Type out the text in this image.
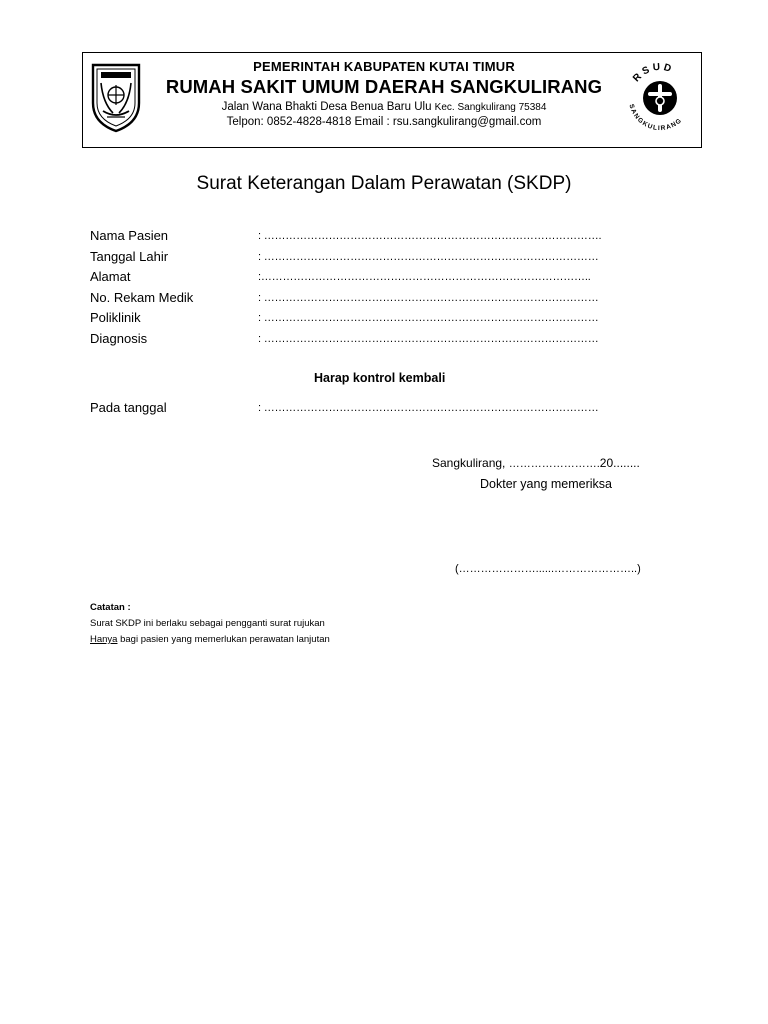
PEMERINTAH KABUPATEN KUTAI TIMUR
RUMAH SAKIT UMUM DAERAH SANGKULIRANG
Jalan Wana Bhakti Desa Benua Baru Ulu Kec. Sangkulirang 75384
Telpon: 0852-4828-4818 Email : rsu.sangkulirang@gmail.com
RSUD
SANGKULIRANG
Surat Keterangan Dalam Perawatan (SKDP)
Nama Pasien	: ………………………………………………………………………………….
Tanggal Lahir	: …………………………………………………………………………………
Alamat	:………………………………………………………………………………..
No. Rekam Medik	: …………………………………………………………………………………
Poliklinik	: …………………………………………………………………………………
Diagnosis	: …………………………………………………………………………………
Harap kontrol kembali
Pada tanggal	: …………………………………………………………………………………
Sangkulirang, …………………….20........
Dokter yang memeriksa
(…………………......…………………..)
Catatan :
Surat SKDP ini berlaku sebagai pengganti surat rujukan
Hanya bagi pasien yang memerlukan perawatan lanjutan
